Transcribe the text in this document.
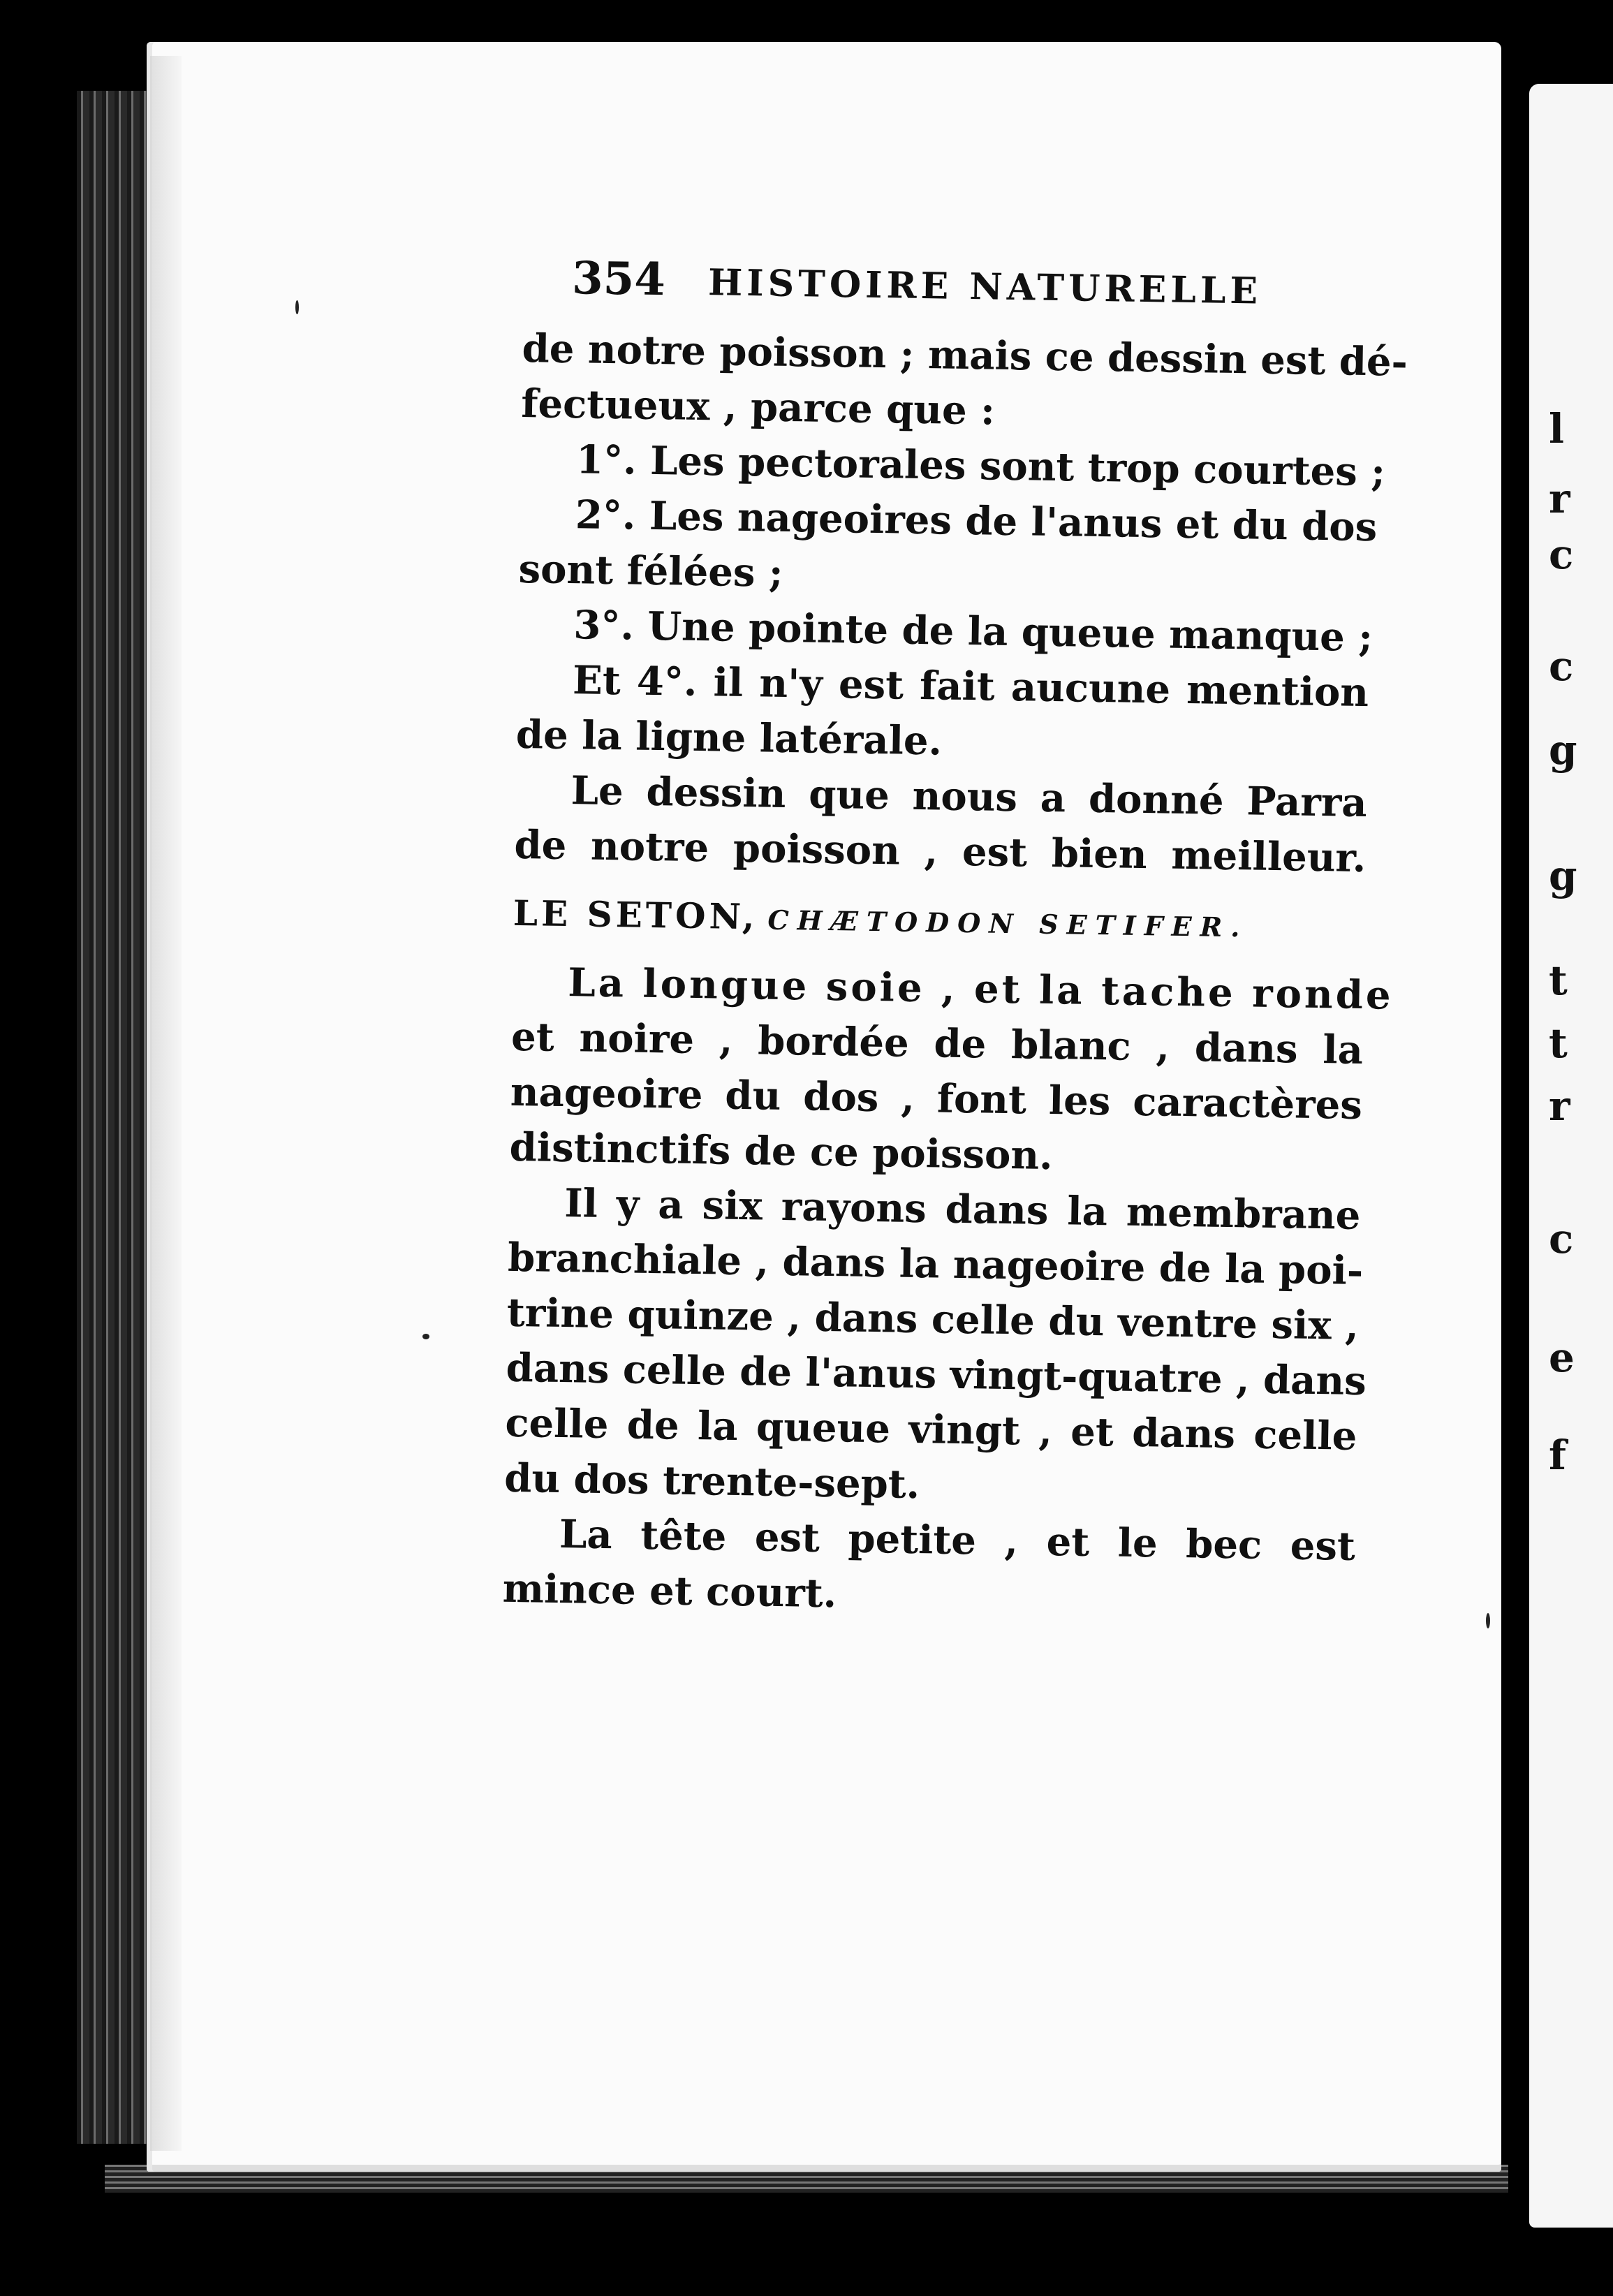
l
r
c
c
g
g
t
t
r
c
e
f
354 HISTOIRE NATURELLE
de notre poisson ; mais ce dessin est dé-
fectueux , parce que :
1°. Les pectorales sont trop courtes ;
2°. Les nageoires de l'anus et du dos
sont félées ;
3°. Une pointe de la queue manque ;
Et 4°. il n'y est fait aucune mention
de la ligne latérale.
Le dessin que nous a donné Parra
de notre poisson , est bien meilleur.
LE SETON, CHÆTODON SETIFER.
La longue soie , et la tache ronde
et noire , bordée de blanc , dans la
nageoire du dos , font les caractères
distinctifs de ce poisson.
Il y a six rayons dans la membrane
branchiale , dans la nageoire de la poi-
trine quinze , dans celle du ventre six ,
dans celle de l'anus vingt-quatre , dans
celle de la queue vingt , et dans celle
du dos trente-sept.
La tête est petite , et le bec est
mince et court.
